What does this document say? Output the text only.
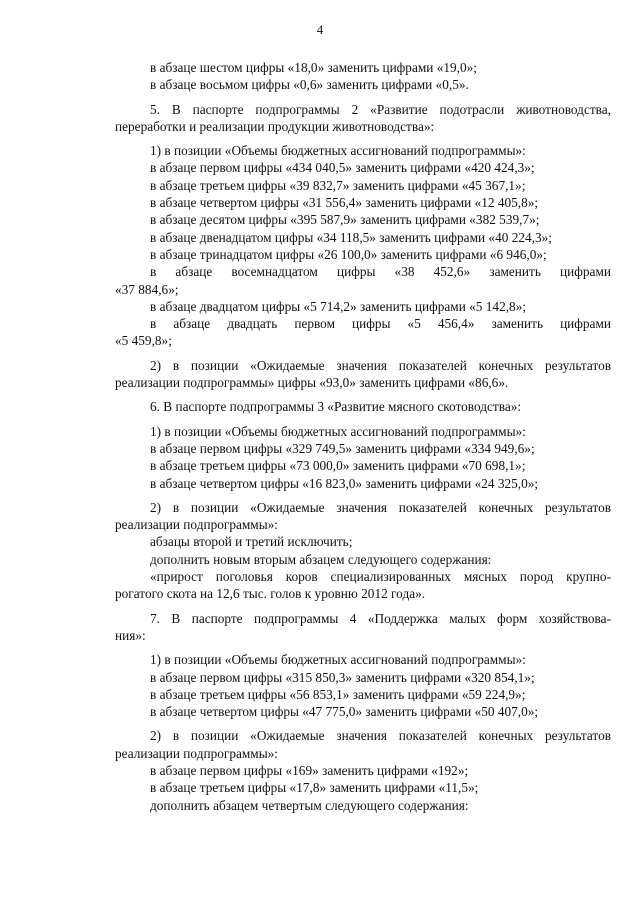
4

в абзаце шестом цифры «18,0» заменить цифрами «19,0»;

в абзаце восьмом цифры «0,6» заменить цифрами «0,5».

5. В паспорте подпрограммы 2 «Развитие подотрасли животноводства,

переработки и реализации продукции животноводства»:

1) в позиции «Объемы бюджетных ассигнований подпрограммы»:

в абзаце первом цифры «434 040,5» заменить цифрами «420 424,3»;

в абзаце третьем цифры «39 832,7» заменить цифрами «45 367,1»;

в абзаце четвертом цифры «31 556,4» заменить цифрами «12 405,8»;

в абзаце десятом цифры «395 587,9» заменить цифрами «382 539,7»;

в абзаце двенадцатом цифры «34 118,5» заменить цифрами «40 224,3»;

в абзаце тринадцатом цифры «26 100,0» заменить цифрами «6 946,0»;

в абзаце восемнадцатом цифры «38 452,6» заменить цифрами

«37 884,6»;

в абзаце двадцатом цифры «5 714,2» заменить цифрами «5 142,8»;

в абзаце двадцать первом цифры «5 456,4» заменить цифрами

«5 459,8»;

2) в позиции «Ожидаемые значения показателей конечных результатов

реализации подпрограммы» цифры «93,0» заменить цифрами «86,6».

6. В паспорте подпрограммы 3 «Развитие мясного скотоводства»:

1) в позиции «Объемы бюджетных ассигнований подпрограммы»:

в абзаце первом цифры «329 749,5» заменить цифрами «334 949,6»;

в абзаце третьем цифры «73 000,0» заменить цифрами «70 698,1»;

в абзаце четвертом цифры «16 823,0» заменить цифрами «24 325,0»;

2) в позиции «Ожидаемые значения показателей конечных результатов

реализации подпрограммы»:

абзацы второй и третий исключить;

дополнить новым вторым абзацем следующего содержания:

«прирост поголовья коров специализированных мясных пород крупно-

рогатого скота на 12,6 тыс. голов к уровню 2012 года».

7. В паспорте подпрограммы 4 «Поддержка малых форм хозяйствова-

ния»:

1) в позиции «Объемы бюджетных ассигнований подпрограммы»:

в абзаце первом цифры «315 850,3» заменить цифрами «320 854,1»;

в абзаце третьем цифры «56 853,1» заменить цифрами «59 224,9»;

в абзаце четвертом цифры «47 775,0» заменить цифрами «50 407,0»;

2) в позиции «Ожидаемые значения показателей конечных результатов

реализации подпрограммы»:

в абзаце первом цифры «169» заменить цифрами «192»;

в абзаце третьем цифры «17,8» заменить цифрами «11,5»;

дополнить абзацем четвертым следующего содержания:
